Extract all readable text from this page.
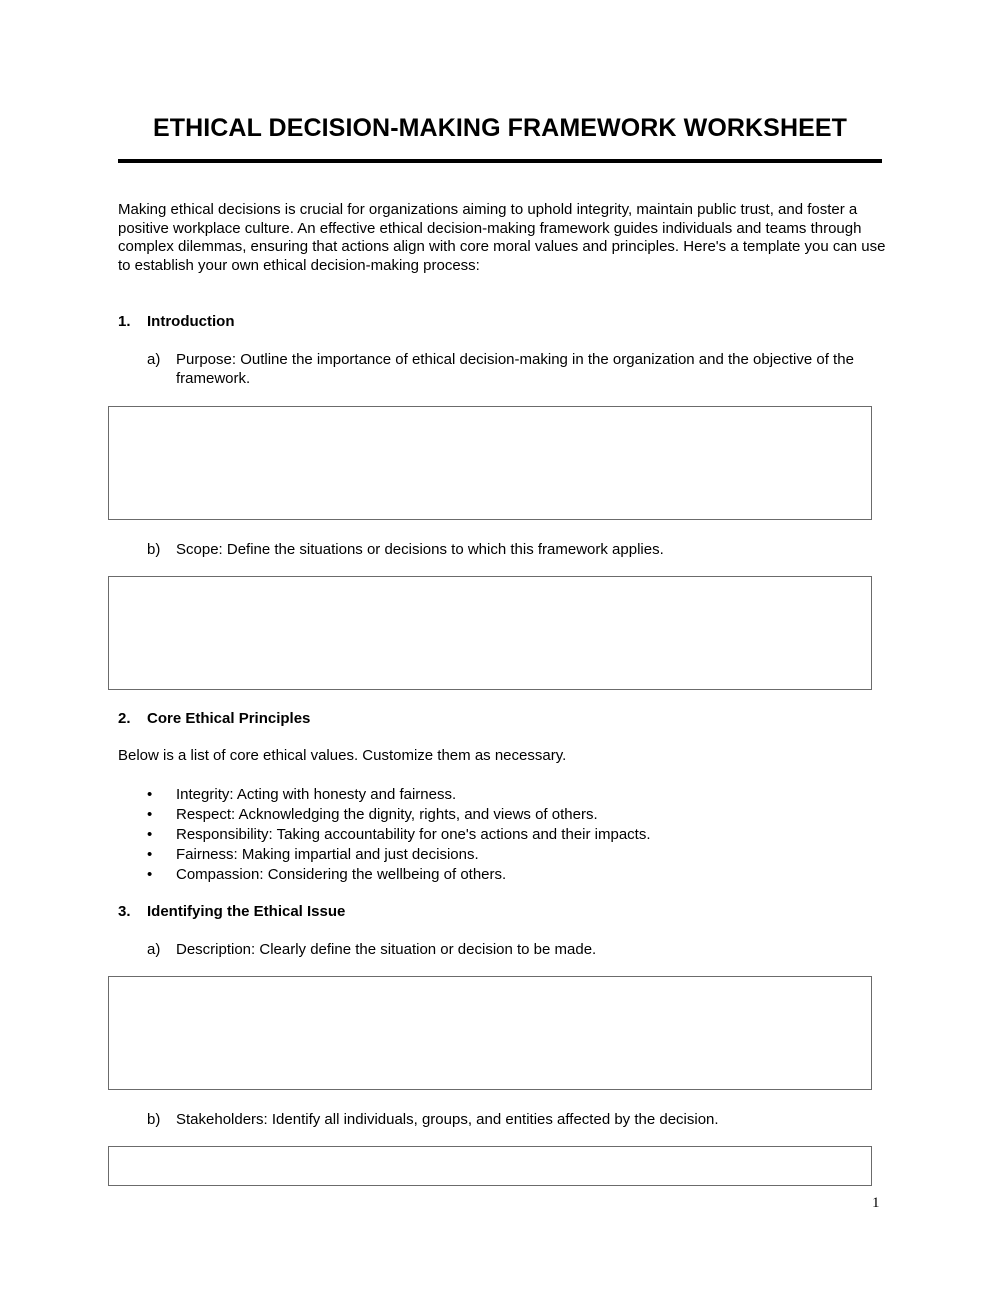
ETHICAL DECISION-MAKING FRAMEWORK WORKSHEET
Making ethical decisions is crucial for organizations aiming to uphold integrity, maintain public trust, and foster a positive workplace culture. An effective ethical decision-making framework guides individuals and teams through complex dilemmas, ensuring that actions align with core moral values and principles. Here's a template you can use to establish your own ethical decision-making process:
1. Introduction
a) Purpose: Outline the importance of ethical decision-making in the organization and the objective of the framework.
b) Scope: Define the situations or decisions to which this framework applies.
2. Core Ethical Principles
Below is a list of core ethical values. Customize them as necessary.
• Integrity: Acting with honesty and fairness.
• Respect: Acknowledging the dignity, rights, and views of others.
• Responsibility: Taking accountability for one's actions and their impacts.
• Fairness: Making impartial and just decisions.
• Compassion: Considering the wellbeing of others.
3. Identifying the Ethical Issue
a) Description: Clearly define the situation or decision to be made.
b) Stakeholders: Identify all individuals, groups, and entities affected by the decision.
1
